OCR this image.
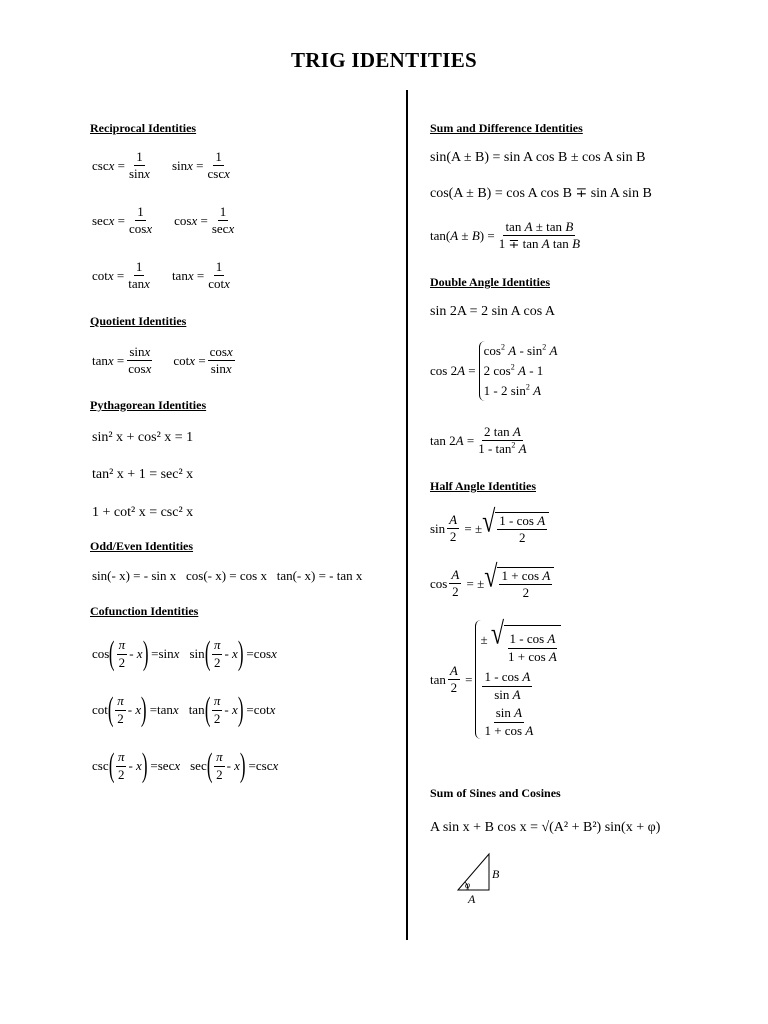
TRIG IDENTITIES
Reciprocal Identities
$\csc x = \frac{1}{\sin x}$ $\sin x = \frac{1}{\csc x}$
$\sec x = \frac{1}{\cos x}$ $\cos x = \frac{1}{\sec x}$
$\cot x = \frac{1}{\tan x}$ $\tan x = \frac{1}{\cot x}$
Quotient Identities
$\tan x = \frac{\sin x}{\cos x}$ $\cot x = \frac{\cos x}{\sin x}$
Pythagorean Identities
sin² x + cos² x = 1
tan² x + 1 = sec² x
1 + cot² x = csc² x
Odd/Even Identities
sin(- x) = - sin x   cos(- x) = cos x   tan(- x) = - tan x
Cofunction Identities
cos ( $\frac{\pi}{2}$ - x ) =sin x sin ( $\frac{\pi}{2}$ - x ) =cos x
cot ( $\frac{\pi}{2}$ - x ) =tan x tan ( $\frac{\pi}{2}$ - x ) =cot x
csc ( $\frac{\pi}{2}$ - x ) =sec x sec ( $\frac{\pi}{2}$ - x ) =csc x
Sum and Difference Identities
sin(A ± B) = sin A cos B ± cos A sin B
cos(A ± B) = cos A cos B ∓ sin A sin B
tan( A ± B ) = $\frac{\text{tan A ± tan B}}{\text{1 ∓ tan A tan B}}$
Double Angle Identities
sin 2A = 2 sin A cos A
cos 2 A =
$\cos^2 A - \sin^2 A$
2 $\cos^2 A - 1$
1 - 2 $\sin^2 A$
tan 2 $A = \frac{\text{2 tan A}}{1 - \tan^2 A}$
Half Angle Identities
$\sin \frac{A}{2}$ = ± √ $\frac{\text{1 - cos A}}{2}$
$\cos \frac{A}{2}$ = ± √ $\frac{\text{1 + cos A}}{2}$
$\tan \frac{A}{2}$ =
± √ $\frac{\text{1 - cos A}}{\text{1 + cos A}}$
$\frac{\text{1 - cos A}}{\text{sin A}}$
$\frac{\text{sin A}}{\text{1 + cos A}}$
Sum of Sines and Cosines
A sin x + B cos x = √(A² + B²) sin(x + φ)
φ
B
A
